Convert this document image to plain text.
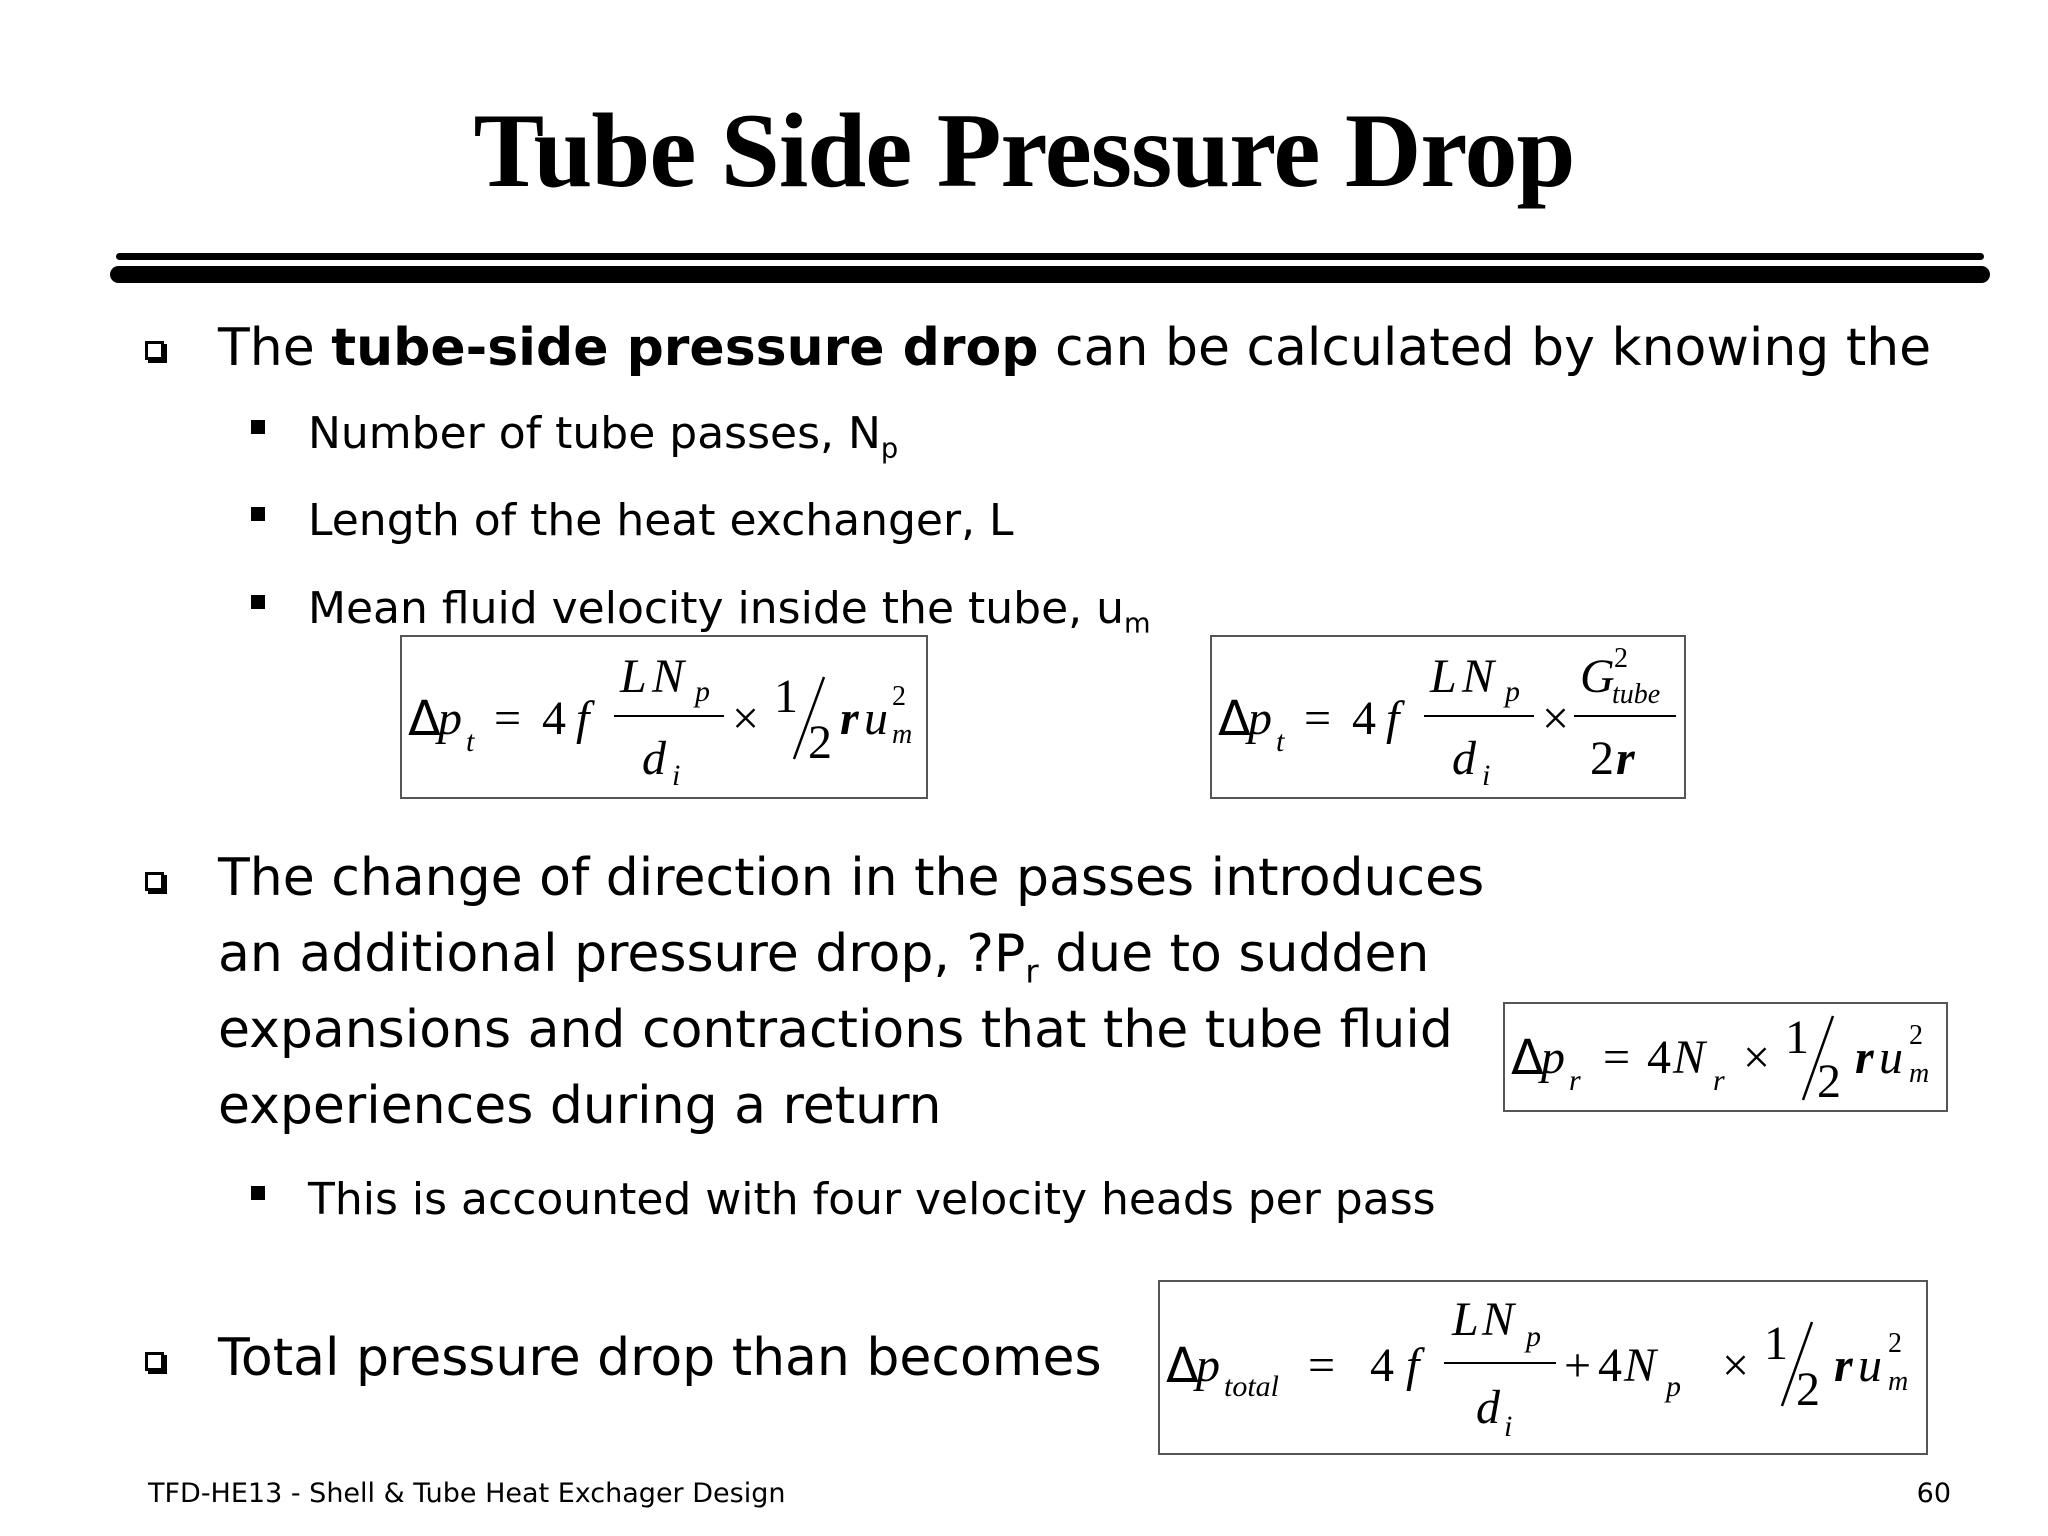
Tube Side Pressure Drop
The tube-side pressure drop can be calculated by knowing the
Number of tube passes, $N_p$
Length of the heat exchanger, L
Mean fluid velocity inside the tube, $u_m$
Δ
p t = 4 f
L N p
d i
× 1
2 r u 2
m	Δ
p t = 4 f
L N p
d i
×
G 2
tube
2 r
The change of direction in the passes introduces
an additional pressure drop, $?P_r$ due to sudden
expansions and contractions that the tube fluid
experiences during a return
This is accounted with four velocity heads per pass
Δ
p r = 4 N r × 1
2 r u 2
m
Total pressure drop than becomes Δ
p total = 4 f
L N p
d i
+ 4 N p × 1
2 r u 2
m
TFD-HE13 - Shell & Tube Heat Exchager Design	60
